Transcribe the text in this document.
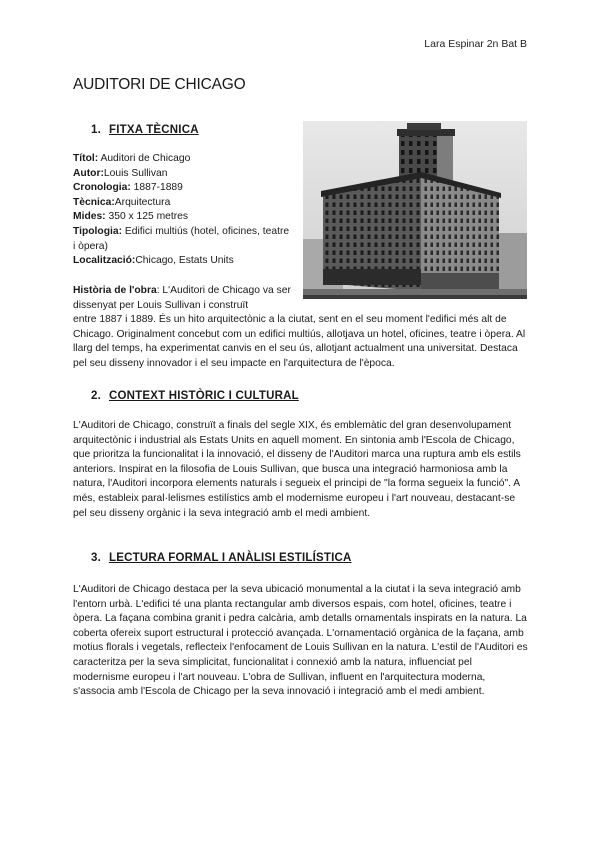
Lara Espinar 2n Bat B
AUDITORI DE CHICAGO
1. FITXA TÈCNICA
Títol: Auditori de Chicago
Autor:Louis Sullivan
Cronologia: 1887-1889
Tècnica:Arquitectura
Mides: 350 x 125 metres
Tipologia: Edifici multiús (hotel, oficines, teatre i òpera)
Localització:Chicago, Estats Units
Història de l'obra: L'Auditori de Chicago va ser dissenyat per Louis Sullivan i construït

entre 1887 i 1889. És un hito arquitectònic a la ciutat, sent en el seu moment l'edifici més alt de Chicago. Originalment concebut com un edifici multiús, allotjava un hotel, oficines, teatre i òpera. Al llarg del temps, ha experimentat canvis en el seu ús, allotjant actualment una universitat. Destaca pel seu disseny innovador i el seu impacte en l'arquitectura de l'època.

2. CONTEXT HISTÒRIC I CULTURAL

L'Auditori de Chicago, construït a finals del segle XIX, és emblemàtic del gran desenvolupament arquitectònic i industrial als Estats Units en aquell moment. En sintonia amb l'Escola de Chicago, que prioritza la funcionalitat i la innovació, el disseny de l'Auditori marca una ruptura amb els estils anteriors. Inspirat en la filosofia de Louis Sullivan, que busca una integració harmoniosa amb la natura, l'Auditori incorpora elements naturals i segueix el principi de "la forma segueix la funció". A més, estableix paral·lelismes estilístics amb el modernisme europeu i l'art nouveau, destacant-se pel seu disseny orgànic i la seva integració amb el medi ambient.

3. LECTURA FORMAL I ANÀLISI ESTILÍSTICA

L'Auditori de Chicago destaca per la seva ubicació monumental a la ciutat i la seva integració amb l'entorn urbà. L'edifici té una planta rectangular amb diversos espais, com hotel, oficines, teatre i òpera. La façana combina granit i pedra calcària, amb detalls ornamentals inspirats en la natura. La coberta ofereix suport estructural i protecció avançada. L'ornamentació orgànica de la façana, amb motius florals i vegetals, reflecteix l'enfocament de Louis Sullivan en la natura. L'estil de l'Auditori es caracteritza per la seva simplicitat, funcionalitat i connexió amb la natura, influenciat pel modernisme europeu i l'art nouveau. L'obra de Sullivan, influent en l'arquitectura moderna, s'associa amb l'Escola de Chicago per la seva innovació i integració amb el medi ambient.
